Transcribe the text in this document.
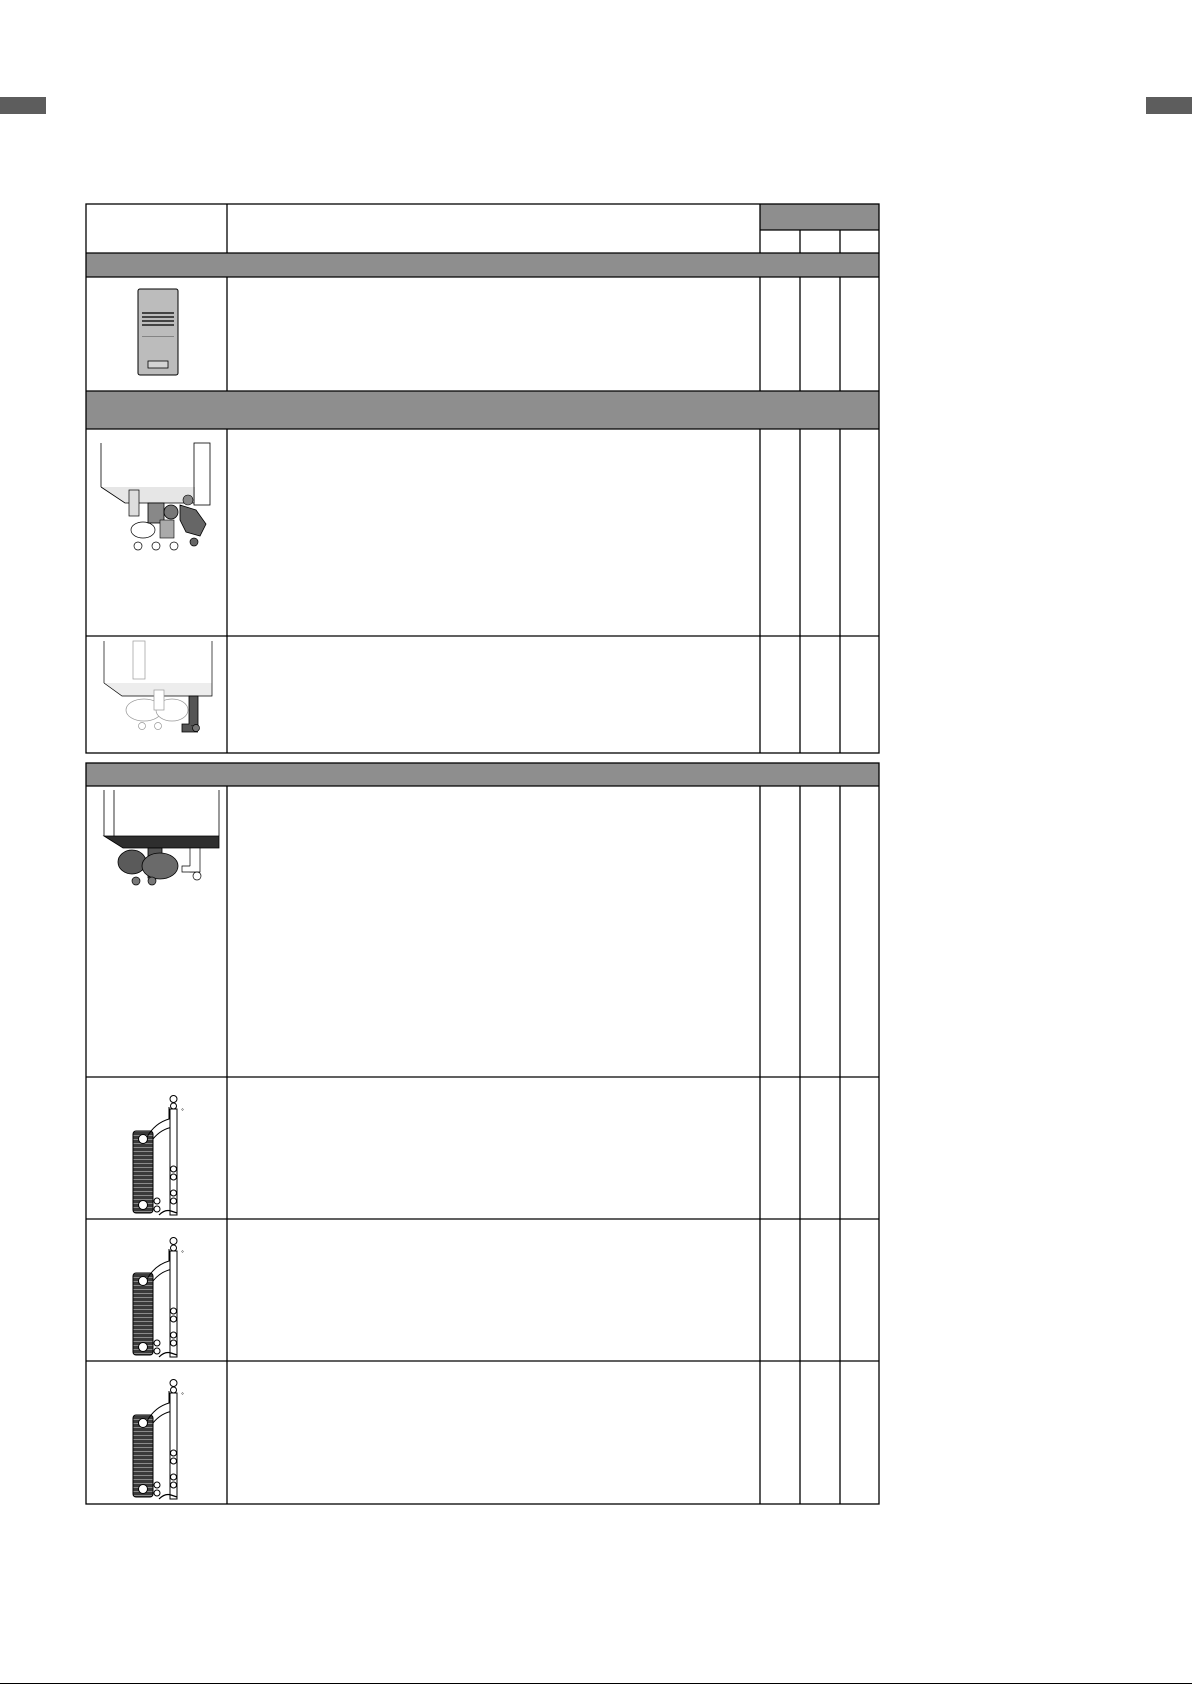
°
